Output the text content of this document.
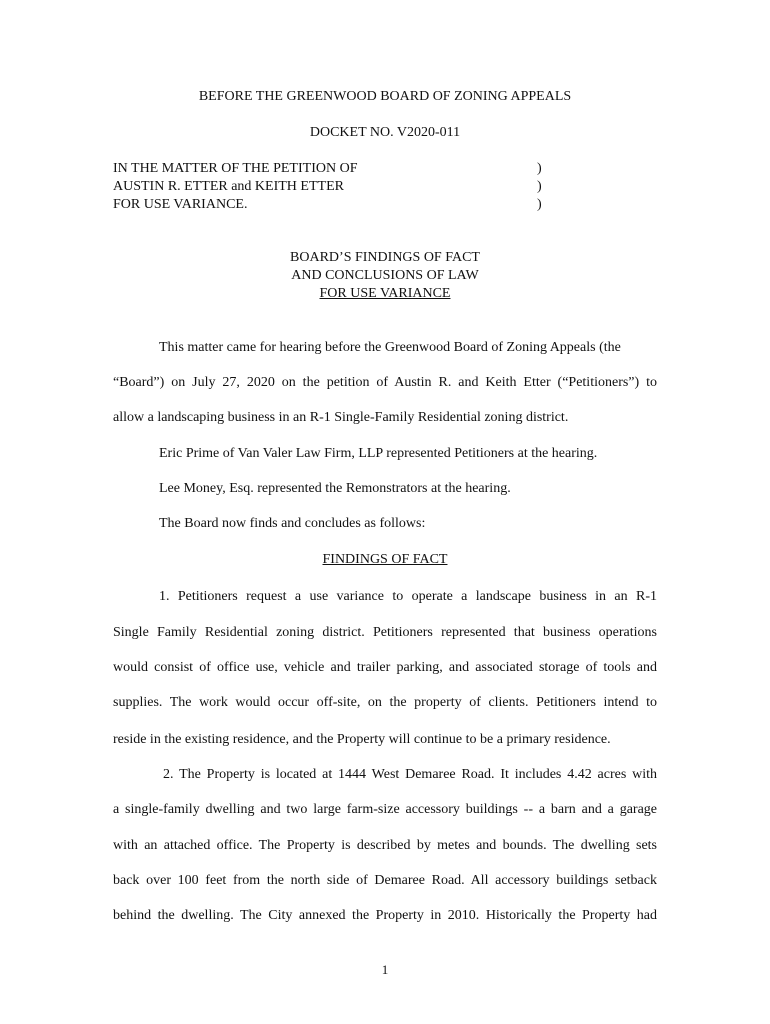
BEFORE THE GREENWOOD BOARD OF ZONING APPEALS
DOCKET NO. V2020-011
IN THE MATTER OF THE PETITION OF	)
AUSTIN R. ETTER and KEITH ETTER	)
FOR USE VARIANCE.	)
BOARD’S FINDINGS OF FACT
AND CONCLUSIONS OF LAW
FOR USE VARIANCE
This matter came for hearing before the Greenwood Board of Zoning Appeals (the
“Board”) on July 27, 2020 on the petition of Austin R. and Keith Etter (“Petitioners”) to
allow a landscaping business in an R-1 Single-Family Residential zoning district.
Eric Prime of Van Valer Law Firm, LLP represented Petitioners at the hearing.
Lee Money, Esq. represented the Remonstrators at the hearing.
The Board now finds and concludes as follows:
FINDINGS OF FACT
1. Petitioners request a use variance to operate a landscape business in an R-1
Single Family Residential zoning district. Petitioners represented that business operations
would consist of office use, vehicle and trailer parking, and associated storage of tools and
supplies. The work would occur off-site, on the property of clients. Petitioners intend to
reside in the existing residence, and the Property will continue to be a primary residence.
2. The Property is located at 1444 West Demaree Road. It includes 4.42 acres with
a single-family dwelling and two large farm-size accessory buildings -- a barn and a garage
with an attached office. The Property is described by metes and bounds. The dwelling sets
back over 100 feet from the north side of Demaree Road. All accessory buildings setback
behind the dwelling. The City annexed the Property in 2010. Historically the Property had
1
